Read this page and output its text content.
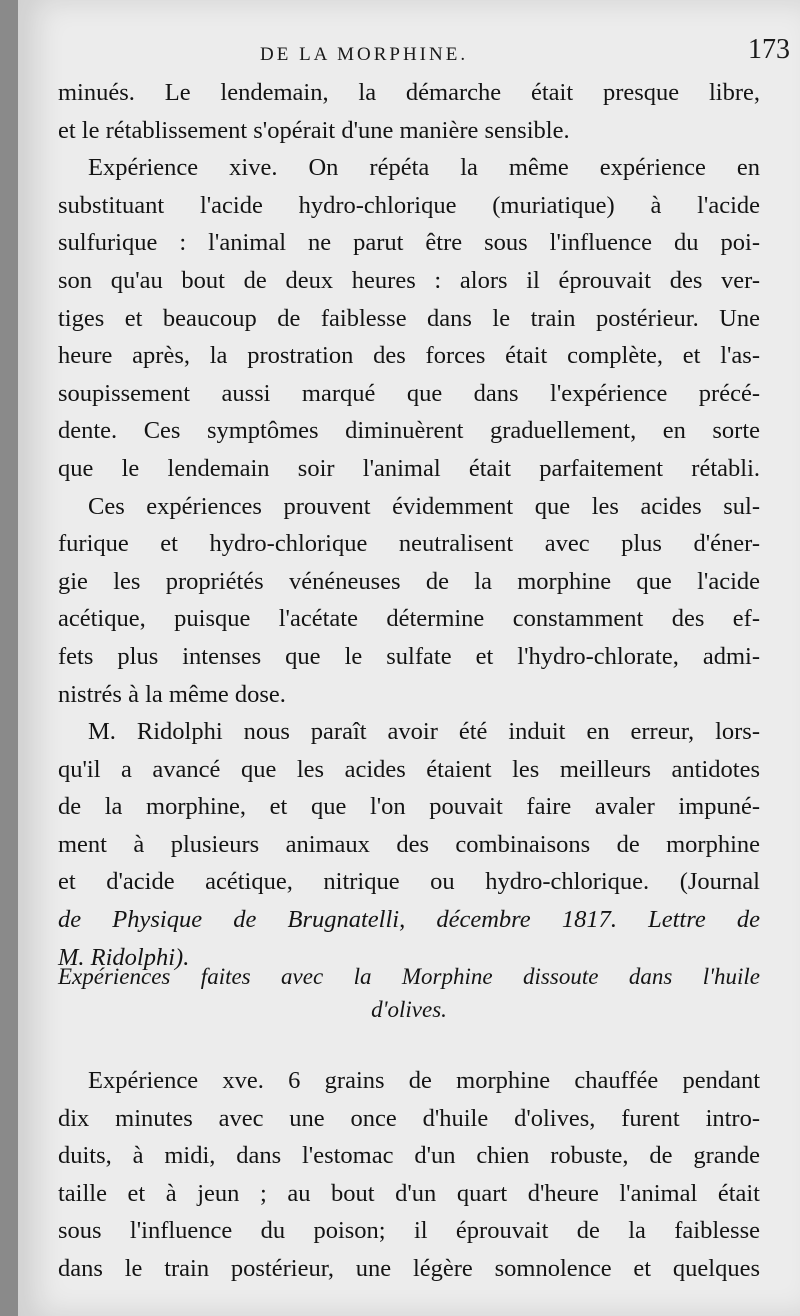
DE LA MORPHINE.	173
minués. Le lendemain, la démarche était presque libre,
et le rétablissement s'opérait d'une manière sensible.
Expérience xive. On répéta la même expérience en
substituant l'acide hydro-chlorique (muriatique) à l'acide
sulfurique : l'animal ne parut être sous l'influence du poi-
son qu'au bout de deux heures : alors il éprouvait des ver-
tiges et beaucoup de faiblesse dans le train postérieur. Une
heure après, la prostration des forces était complète, et l'as-
soupissement aussi marqué que dans l'expérience précé-
dente. Ces symptômes diminuèrent graduellement, en sorte
que le lendemain soir l'animal était parfaitement rétabli.
Ces expériences prouvent évidemment que les acides sul-
furique et hydro-chlorique neutralisent avec plus d'éner-
gie les propriétés vénéneuses de la morphine que l'acide
acétique, puisque l'acétate détermine constamment des ef-
fets plus intenses que le sulfate et l'hydro-chlorate, admi-
nistrés à la même dose.
M. Ridolphi nous paraît avoir été induit en erreur, lors-
qu'il a avancé que les acides étaient les meilleurs antidotes
de la morphine, et que l'on pouvait faire avaler impuné-
ment à plusieurs animaux des combinaisons de morphine
et d'acide acétique, nitrique ou hydro-chlorique. (Journal
de Physique de Brugnatelli, décembre 1817. Lettre de
M. Ridolphi).
Expériences faites avec la Morphine dissoute dans l'huile
d'olives.
Expérience xve. 6 grains de morphine chauffée pendant
dix minutes avec une once d'huile d'olives, furent intro-
duits, à midi, dans l'estomac d'un chien robuste, de grande
taille et à jeun ; au bout d'un quart d'heure l'animal était
sous l'influence du poison; il éprouvait de la faiblesse
dans le train postérieur, une légère somnolence et quelques
